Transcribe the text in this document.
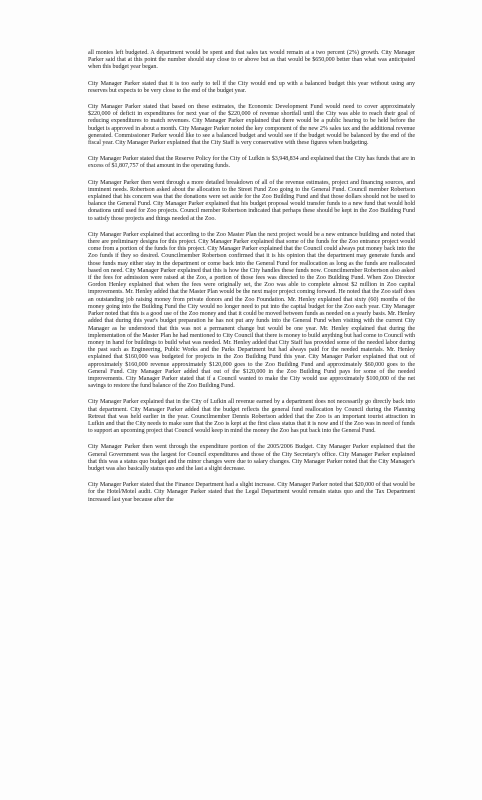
all monies left budgeted. A department would be spent and that sales tax would remain at a two percent (2%) growth. City Manager Parker said that at this point the number should stay close to or above but as that would be $650,000 better than what was anticipated when this budget year began.

City Manager Parker stated that it is too early to tell if the City would end up with a balanced budget this year without using any reserves but expects to be very close to the end of the budget year.

City Manager Parker stated that based on these estimates, the Economic Development Fund would need to cover approximately $220,000 of deficit in expenditures for next year of the $220,000 of revenue shortfall until the City was able to reach their goal of reducing expenditures to match revenues. City Manager Parker explained that there would be a public hearing to be held before the budget is approved in about a month. City Manager Parker noted the key component of the new 2% sales tax and the additional revenue generated. Commissioner Parker would like to see a balanced budget and would see if the budget would be balanced by the end of the fiscal year. City Manager Parker explained that the City Staff is very conservative with these figures when budgeting.

City Manager Parker stated that the Reserve Policy for the City of Lufkin is $3,948,834 and explained that the City has funds that are in excess of $1,807,757 of that amount in the operating funds.

City Manager Parker then went through a more detailed breakdown of all of the revenue estimates, project and financing sources, and imminent needs. Robertson asked about the allocation to the Street Fund Zoo going to the General Fund. Council member Robertson explained that his concern was that the donations were set aside for the Zoo Building Fund and that those dollars should not be used to balance the General Fund. City Manager Parker explained that his budget proposal would transfer funds to a new fund that would hold donations until used for Zoo projects. Council member Robertson indicated that perhaps these should be kept in the Zoo Building Fund to satisfy those projects and things needed at the Zoo.

City Manager Parker explained that according to the Zoo Master Plan the next project would be a new entrance building and noted that there are preliminary designs for this project. City Manager Parker explained that some of the funds for the Zoo entrance project would come from a portion of the funds for this project. City Manager Parker explained that the Council could always put money back into the Zoo funds if they so desired. Councilmember Robertson confirmed that it is his opinion that the department may generate funds and those funds may either stay in the department or come back into the General Fund for reallocation as long as the funds are reallocated based on need. City Manager Parker explained that this is how the City handles these funds now. Councilmember Robertson also asked if the fees for admission were raised at the Zoo, a portion of those fees was directed to the Zoo Building Fund. When Zoo Director Gordon Henley explained that when the fees were originally set, the Zoo was able to complete almost $2 million in Zoo capital improvements. Mr. Henley added that the Master Plan would be the next major project coming forward. He noted that the Zoo staff does an outstanding job raising money from private donors and the Zoo Foundation. Mr. Henley explained that sixty (60) months of the money going into the Building Fund the City would no longer need to put into the capital budget for the Zoo each year. City Manager Parker noted that this is a good use of the Zoo money and that it could be moved between funds as needed on a yearly basis. Mr. Henley added that during this year's budget preparation he has not put any funds into the General Fund when visiting with the current City Manager as he understood that this was not a permanent change but would be one year. Mr. Henley explained that during the implementation of the Master Plan he had mentioned to City Council that there is money to build anything but had come to Council with money in hand for buildings to build what was needed. Mr. Henley added that City Staff has provided some of the needed labor during the past such as Engineering, Public Works and the Parks Department but had always paid for the needed materials. Mr. Henley explained that $160,000 was budgeted for projects in the Zoo Building Fund this year. City Manager Parker explained that out of approximately $160,000 revenue approximately $120,000 goes to the Zoo Building Fund and approximately $60,000 goes to the General Fund. City Manager Parker added that out of the $120,000 in the Zoo Building Fund pays for some of the needed improvements. City Manager Parker stated that if a Council wanted to make the City would use approximately $100,000 of the net savings to restore the fund balance of the Zoo Building Fund.

City Manager Parker explained that in the City of Lufkin all revenue earned by a department does not necessarily go directly back into that department. City Manager Parker added that the budget reflects the general fund reallocation by Council during the Planning Retreat that was held earlier in the year. Councilmember Dennis Robertson added that the Zoo is an important tourist attraction in Lufkin and that the City needs to make sure that the Zoo is kept at the first class status that it is now and if the Zoo was in need of funds to support an upcoming project that Council would keep in mind the money the Zoo has put back into the General Fund.

City Manager Parker then went through the expenditure portion of the 2005/2006 Budget. City Manager Parker explained that the General Government was the largest for Council expenditures and those of the City Secretary's office. City Manager Parker explained that this was a status quo budget and the minor changes were due to salary changes. City Manager Parker noted that the City Manager's budget was also basically status quo and the last a slight decrease.

City Manager Parker stated that the Finance Department had a slight increase. City Manager Parker noted that $20,000 of that would be for the Hotel/Motel audit. City Manager Parker stated that the Legal Department would remain status quo and the Tax Department increased last year because after the
